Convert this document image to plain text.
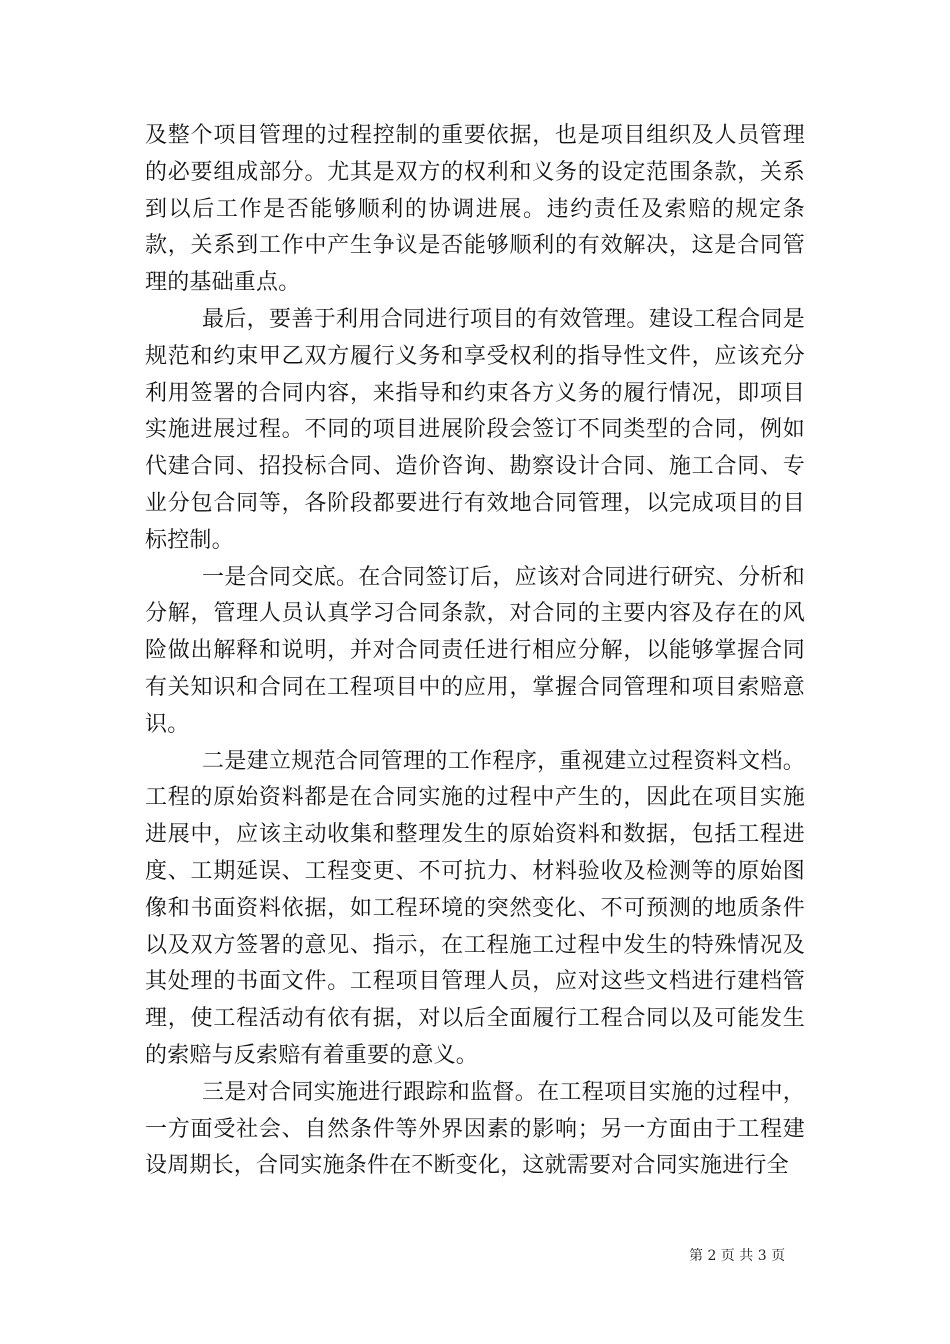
及整个项目管理的过程控制的重要依据，也是项目组织及人员管理的必要组成部分。尤其是双方的权利和义务的设定范围条款，关系到以后工作是否能够顺利的协调进展。违约责任及索赔的规定条款，关系到工作中产生争议是否能够顺利的有效解决，这是合同管理的基础重点。

最后，要善于利用合同进行项目的有效管理。建设工程合同是规范和约束甲乙双方履行义务和享受权利的指导性文件，应该充分利用签署的合同内容，来指导和约束各方义务的履行情况，即项目实施进展过程。不同的项目进展阶段会签订不同类型的合同，例如代建合同、招投标合同、造价咨询、勘察设计合同、施工合同、专业分包合同等，各阶段都要进行有效地合同管理，以完成项目的目标控制。

一是合同交底。在合同签订后，应该对合同进行研究、分析和分解，管理人员认真学习合同条款，对合同的主要内容及存在的风险做出解释和说明，并对合同责任进行相应分解，以能够掌握合同有关知识和合同在工程项目中的应用，掌握合同管理和项目索赔意识。

二是建立规范合同管理的工作程序，重视建立过程资料文档。工程的原始资料都是在合同实施的过程中产生的，因此在项目实施进展中，应该主动收集和整理发生的原始资料和数据，包括工程进度、工期延误、工程变更、不可抗力、材料验收及检测等的原始图像和书面资料依据，如工程环境的突然变化、不可预测的地质条件以及双方签署的意见、指示，在工程施工过程中发生的特殊情况及其处理的书面文件。工程项目管理人员，应对这些文档进行建档管理，使工程活动有依有据，对以后全面履行工程合同以及可能发生的索赔与反索赔有着重要的意义。

三是对合同实施进行跟踪和监督。在工程项目实施的过程中，一方面受社会、自然条件等外界因素的影响；另一方面由于工程建设周期长，合同实施条件在不断变化，这就需要对合同实施进行全

第 2 页 共 3 页
